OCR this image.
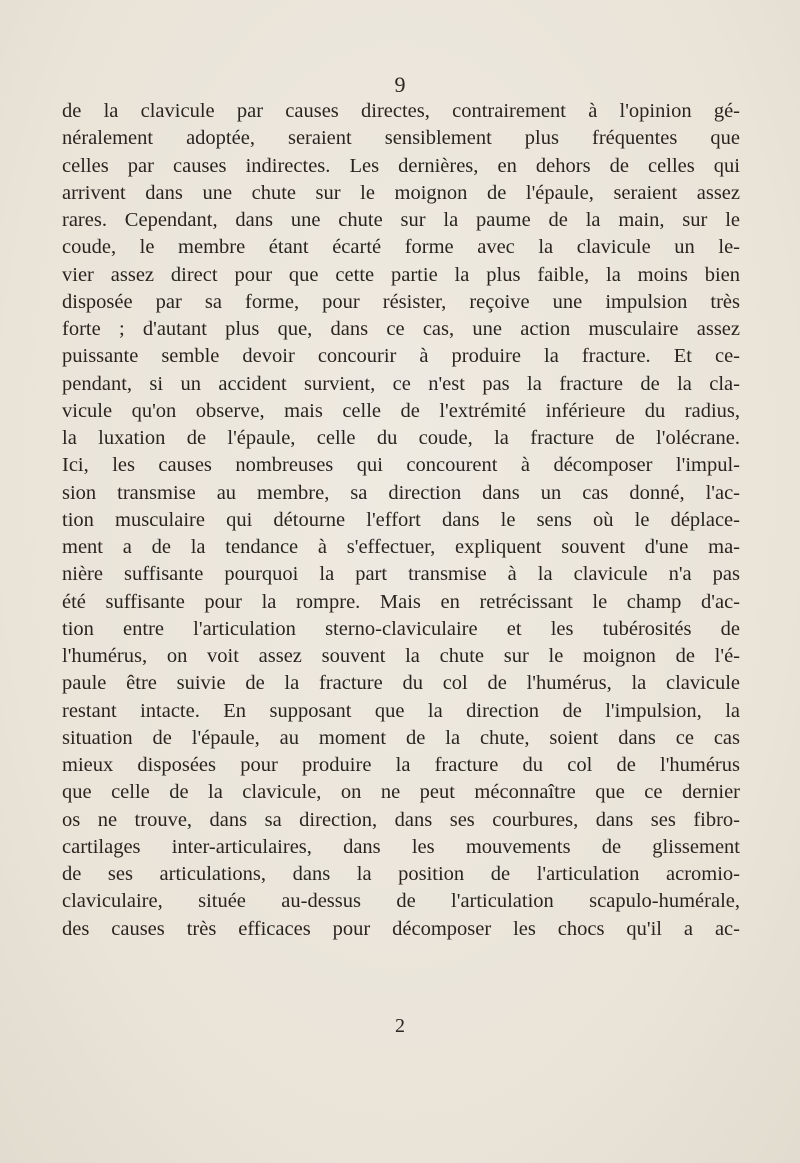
9
de la clavicule par causes directes, contrairement à l'opinion gé-
néralement adoptée, seraient sensiblement plus fréquentes que
celles par causes indirectes. Les dernières, en dehors de celles qui
arrivent dans une chute sur le moignon de l'épaule, seraient assez
rares. Cependant, dans une chute sur la paume de la main, sur le
coude, le membre étant écarté forme avec la clavicule un le-
vier assez direct pour que cette partie la plus faible, la moins bien
disposée par sa forme, pour résister, reçoive une impulsion très
forte ; d'autant plus que, dans ce cas, une action musculaire assez
puissante semble devoir concourir à produire la fracture. Et ce-
pendant, si un accident survient, ce n'est pas la fracture de la cla-
vicule qu'on observe, mais celle de l'extrémité inférieure du radius,
la luxation de l'épaule, celle du coude, la fracture de l'olécrane.
Ici, les causes nombreuses qui concourent à décomposer l'impul-
sion transmise au membre, sa direction dans un cas donné, l'ac-
tion musculaire qui détourne l'effort dans le sens où le déplace-
ment a de la tendance à s'effectuer, expliquent souvent d'une ma-
nière suffisante pourquoi la part transmise à la clavicule n'a pas
été suffisante pour la rompre. Mais en retrécissant le champ d'ac-
tion entre l'articulation sterno-claviculaire et les tubérosités de
l'humérus, on voit assez souvent la chute sur le moignon de l'é-
paule être suivie de la fracture du col de l'humérus, la clavicule
restant intacte. En supposant que la direction de l'impulsion, la
situation de l'épaule, au moment de la chute, soient dans ce cas
mieux disposées pour produire la fracture du col de l'humérus
que celle de la clavicule, on ne peut méconnaître que ce dernier
os ne trouve, dans sa direction, dans ses courbures, dans ses fibro-
cartilages inter-articulaires, dans les mouvements de glissement
de ses articulations, dans la position de l'articulation acromio-
claviculaire, située au-dessus de l'articulation scapulo-humérale,
des causes très efficaces pour décomposer les chocs qu'il a ac-
2
